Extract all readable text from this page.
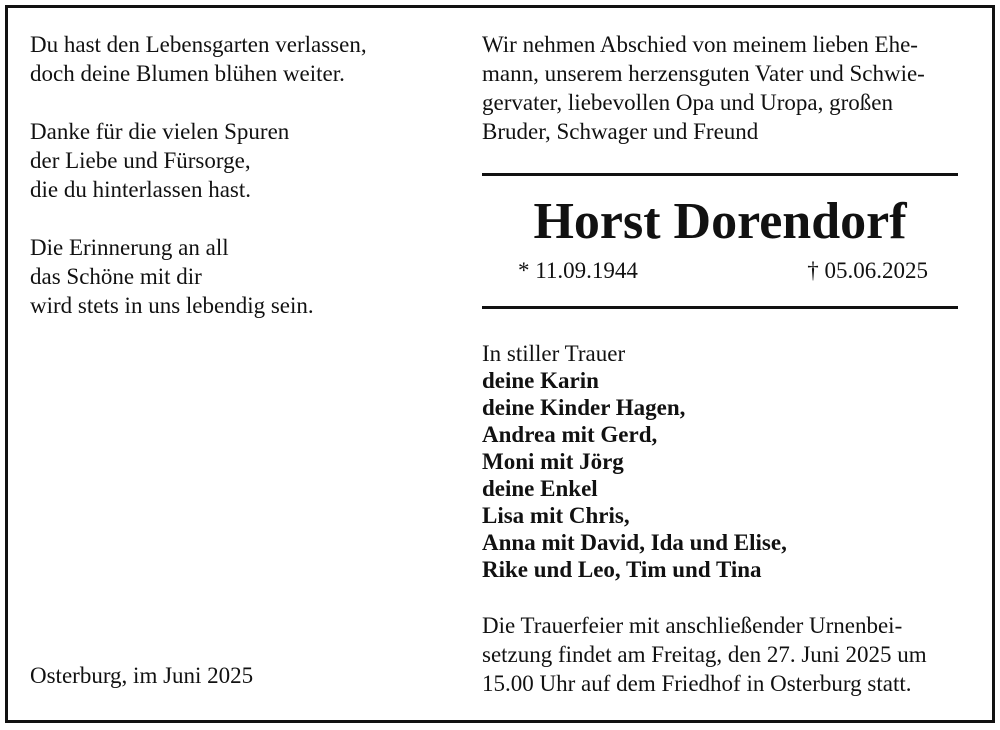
Du hast den Lebensgarten verlassen,
doch deine Blumen blühen weiter.
Danke für die vielen Spuren
der Liebe und Fürsorge,
die du hinterlassen hast.
Die Erinnerung an all
das Schöne mit dir
wird stets in uns lebendig sein.
Osterburg, im Juni 2025
Wir nehmen Abschied von meinem lieben Ehe-
mann, unserem herzensguten Vater und Schwie-
gervater, liebevollen Opa und Uropa, großen
Bruder, Schwager und Freund
Horst Dorendorf
* 11.09.1944	† 05.06.2025
In stiller Trauer
deine Karin
deine Kinder Hagen,
Andrea mit Gerd,
Moni mit Jörg
deine Enkel
Lisa mit Chris,
Anna mit David, Ida und Elise,
Rike und Leo, Tim und Tina
Die Trauerfeier mit anschließender Urnenbei-
setzung findet am Freitag, den 27. Juni 2025 um
15.00 Uhr auf dem Friedhof in Osterburg statt.
